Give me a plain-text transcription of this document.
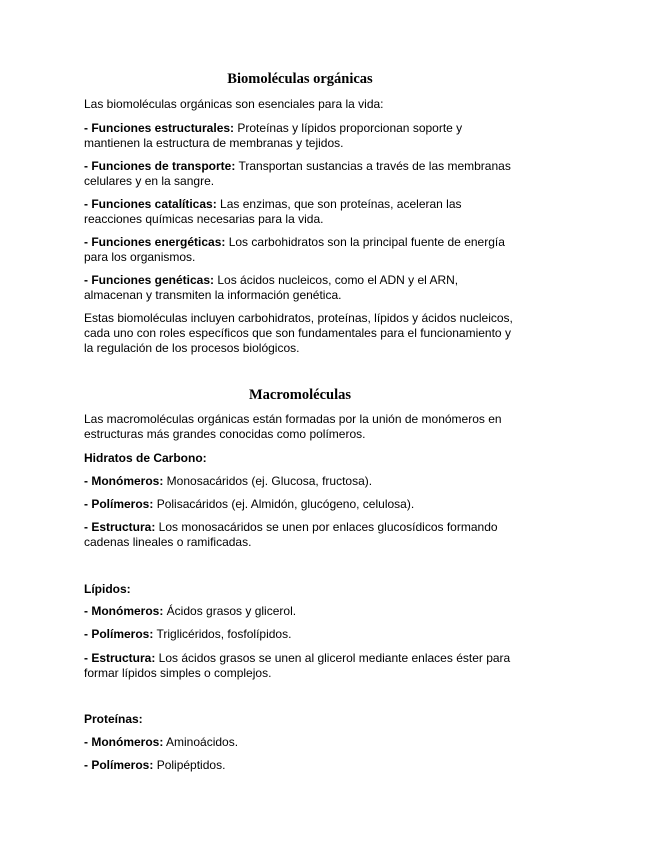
Biomoléculas orgánicas

Las biomoléculas orgánicas son esenciales para la vida:

- Funciones estructurales: Proteínas y lípidos proporcionan soporte y mantienen la estructura de membranas y tejidos.

- Funciones de transporte: Transportan sustancias a través de las membranas celulares y en la sangre.

- Funciones catalíticas: Las enzimas, que son proteínas, aceleran las reacciones químicas necesarias para la vida.

- Funciones energéticas: Los carbohidratos son la principal fuente de energía para los organismos.

- Funciones genéticas: Los ácidos nucleicos, como el ADN y el ARN, almacenan y transmiten la información genética.

Estas biomoléculas incluyen carbohidratos, proteínas, lípidos y ácidos nucleicos, cada uno con roles específicos que son fundamentales para el funcionamiento y la regulación de los procesos biológicos.

Macromoléculas

Las macromoléculas orgánicas están formadas por la unión de monómeros en estructuras más grandes conocidas como polímeros.

Hidratos de Carbono:

- Monómeros: Monosacáridos (ej. Glucosa, fructosa).

- Polímeros: Polisacáridos (ej. Almidón, glucógeno, celulosa).

- Estructura: Los monosacáridos se unen por enlaces glucosídicos formando cadenas lineales o ramificadas.

Lípidos:

- Monómeros: Ácidos grasos y glicerol.

- Polímeros: Triglicéridos, fosfolípidos.

- Estructura: Los ácidos grasos se unen al glicerol mediante enlaces éster para formar lípidos simples o complejos.

Proteínas:

- Monómeros: Aminoácidos.

- Polímeros: Polipéptidos.
